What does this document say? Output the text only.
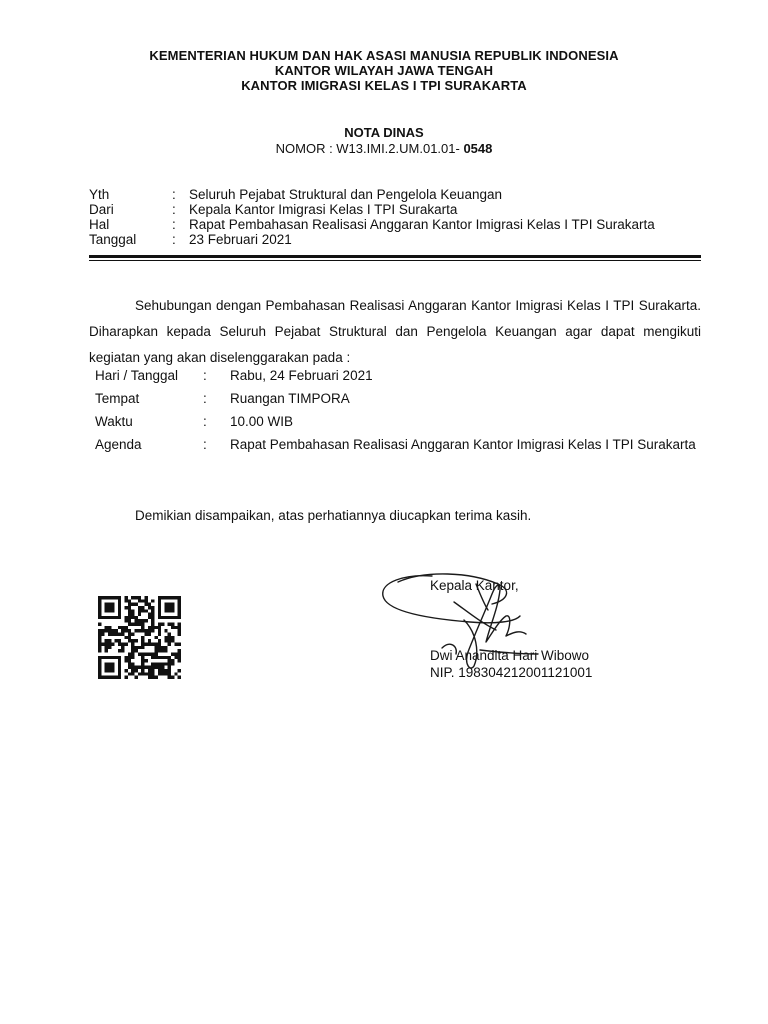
KEMENTERIAN HUKUM DAN HAK ASASI MANUSIA REPUBLIK INDONESIA
KANTOR WILAYAH JAWA TENGAH
KANTOR IMIGRASI KELAS I TPI SURAKARTA
NOTA DINAS
NOMOR : W13.IMI.2.UM.01.01- 0548
Yth	: Seluruh Pejabat Struktural dan Pengelola Keuangan
Dari	: Kepala Kantor Imigrasi Kelas I TPI Surakarta
Hal	: Rapat Pembahasan Realisasi Anggaran Kantor Imigrasi Kelas I TPI Surakarta
Tanggal	: 23 Februari 2021
Sehubungan dengan Pembahasan Realisasi Anggaran Kantor Imigrasi Kelas I TPI Surakarta. Diharapkan kepada Seluruh Pejabat Struktural dan Pengelola Keuangan agar dapat mengikuti kegiatan yang akan diselenggarakan pada :
Hari / Tanggal	:	Rabu, 24 Februari 2021
Tempat	:	Ruangan TIMPORA
Waktu	:	10.00 WIB
Agenda	:	Rapat Pembahasan Realisasi Anggaran Kantor Imigrasi Kelas I TPI Surakarta
Demikian disampaikan, atas perhatiannya diucapkan terima kasih.
Kepala Kantor,
Dwi Anandita Hari Wibowo
NIP. 198304212001121001
